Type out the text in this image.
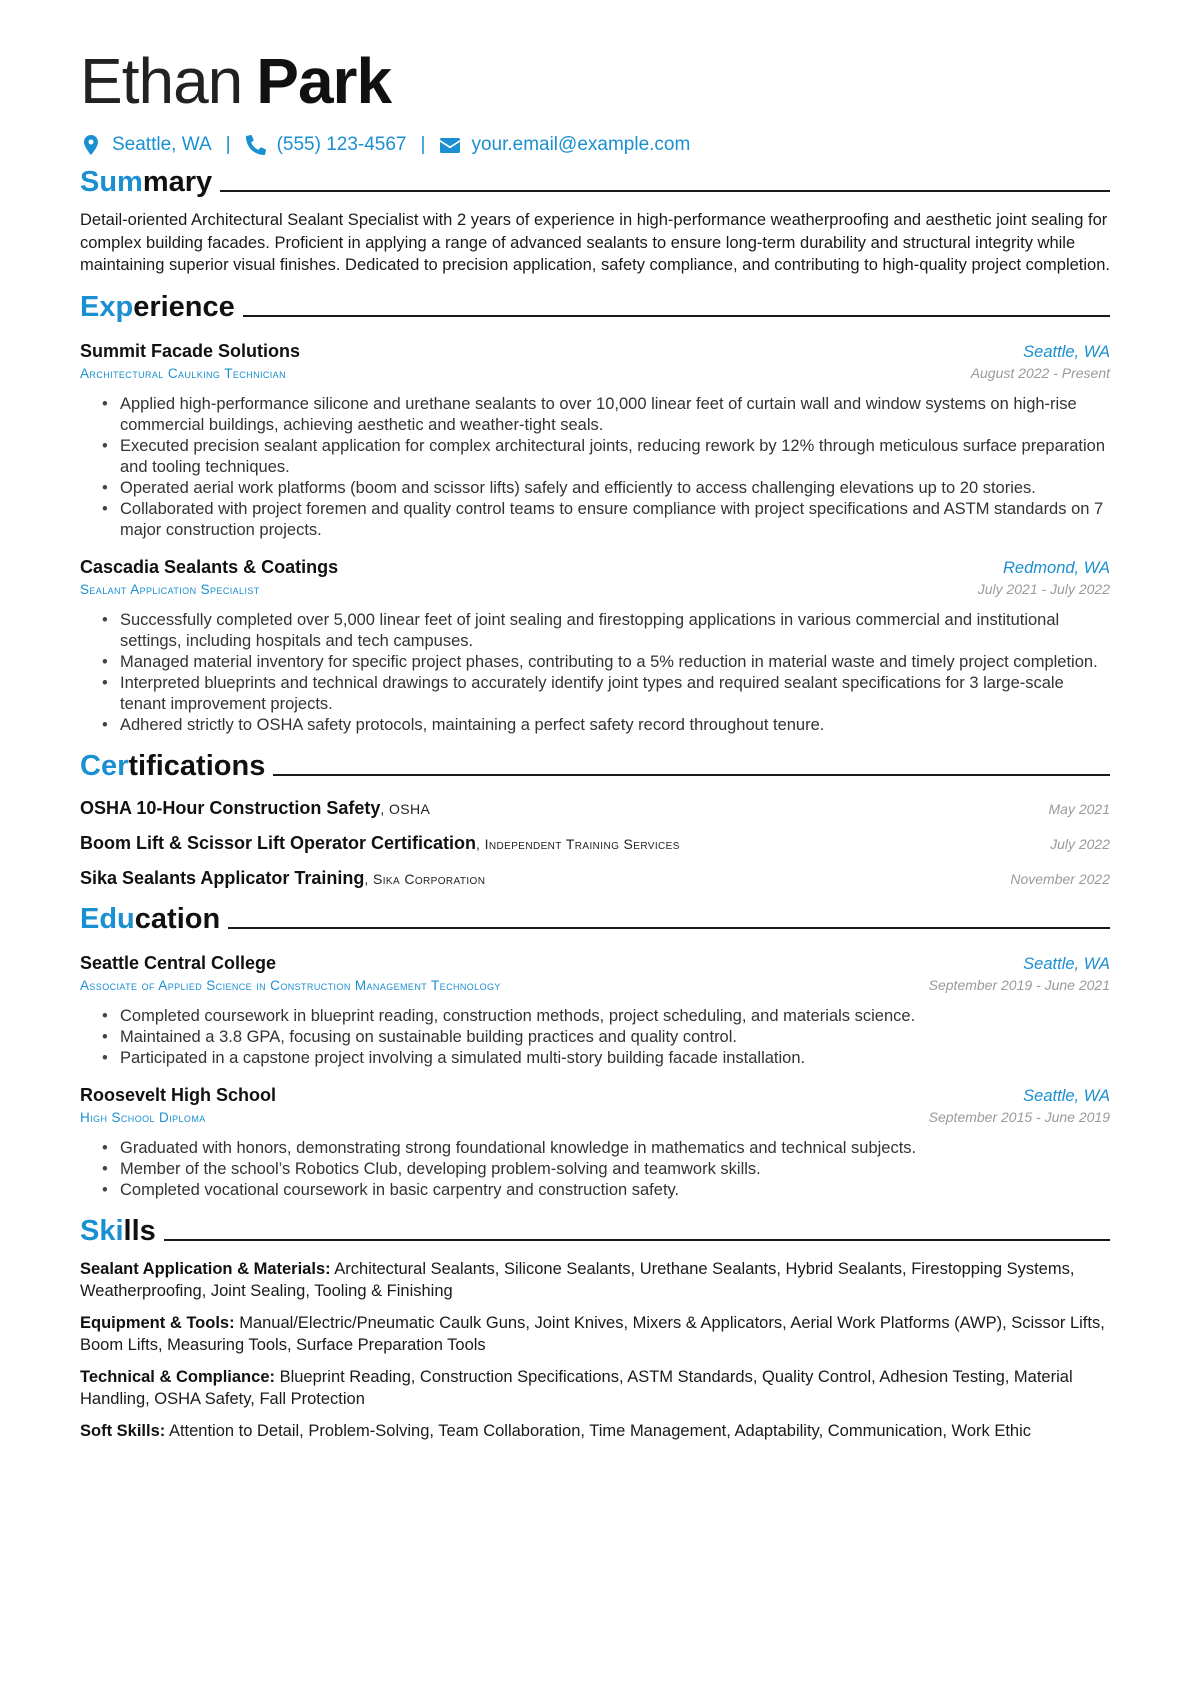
Ethan Park
Seattle, WA | (555) 123-4567 | your.email@example.com
Summary
Detail-oriented Architectural Sealant Specialist with 2 years of experience in high-performance weatherproofing and aesthetic joint sealing for complex building facades. Proficient in applying a range of advanced sealants to ensure long-term durability and structural integrity while maintaining superior visual finishes. Dedicated to precision application, safety compliance, and contributing to high-quality project completion.
Experience
Summit Facade Solutions	Seattle, WA
Architectural Caulking Technician	August 2022 - Present
• Applied high-performance silicone and urethane sealants to over 10,000 linear feet of curtain wall and window systems on high-rise commercial buildings, achieving aesthetic and weather-tight seals.
• Executed precision sealant application for complex architectural joints, reducing rework by 12% through meticulous surface preparation and tooling techniques.
• Operated aerial work platforms (boom and scissor lifts) safely and efficiently to access challenging elevations up to 20 stories.
• Collaborated with project foremen and quality control teams to ensure compliance with project specifications and ASTM standards on 7 major construction projects.
Cascadia Sealants & Coatings	Redmond, WA
Sealant Application Specialist	July 2021 - July 2022
• Successfully completed over 5,000 linear feet of joint sealing and firestopping applications in various commercial and institutional settings, including hospitals and tech campuses.
• Managed material inventory for specific project phases, contributing to a 5% reduction in material waste and timely project completion.
• Interpreted blueprints and technical drawings to accurately identify joint types and required sealant specifications for 3 large-scale tenant improvement projects.
• Adhered strictly to OSHA safety protocols, maintaining a perfect safety record throughout tenure.
Certifications
OSHA 10-Hour Construction Safety, OSHA	May 2021
Boom Lift & Scissor Lift Operator Certification, Independent Training Services	July 2022
Sika Sealants Applicator Training, Sika Corporation	November 2022
Education
Seattle Central College	Seattle, WA
Associate of Applied Science in Construction Management Technology	September 2019 - June 2021
• Completed coursework in blueprint reading, construction methods, project scheduling, and materials science.
• Maintained a 3.8 GPA, focusing on sustainable building practices and quality control.
• Participated in a capstone project involving a simulated multi-story building facade installation.
Roosevelt High School	Seattle, WA
High School Diploma	September 2015 - June 2019
• Graduated with honors, demonstrating strong foundational knowledge in mathematics and technical subjects.
• Member of the school’s Robotics Club, developing problem-solving and teamwork skills.
• Completed vocational coursework in basic carpentry and construction safety.
Skills
Sealant Application & Materials: Architectural Sealants, Silicone Sealants, Urethane Sealants, Hybrid Sealants, Firestopping Systems, Weatherproofing, Joint Sealing, Tooling & Finishing
Equipment & Tools: Manual/Electric/Pneumatic Caulk Guns, Joint Knives, Mixers & Applicators, Aerial Work Platforms (AWP), Scissor Lifts, Boom Lifts, Measuring Tools, Surface Preparation Tools
Technical & Compliance: Blueprint Reading, Construction Specifications, ASTM Standards, Quality Control, Adhesion Testing, Material Handling, OSHA Safety, Fall Protection
Soft Skills: Attention to Detail, Problem-Solving, Team Collaboration, Time Management, Adaptability, Communication, Work Ethic
